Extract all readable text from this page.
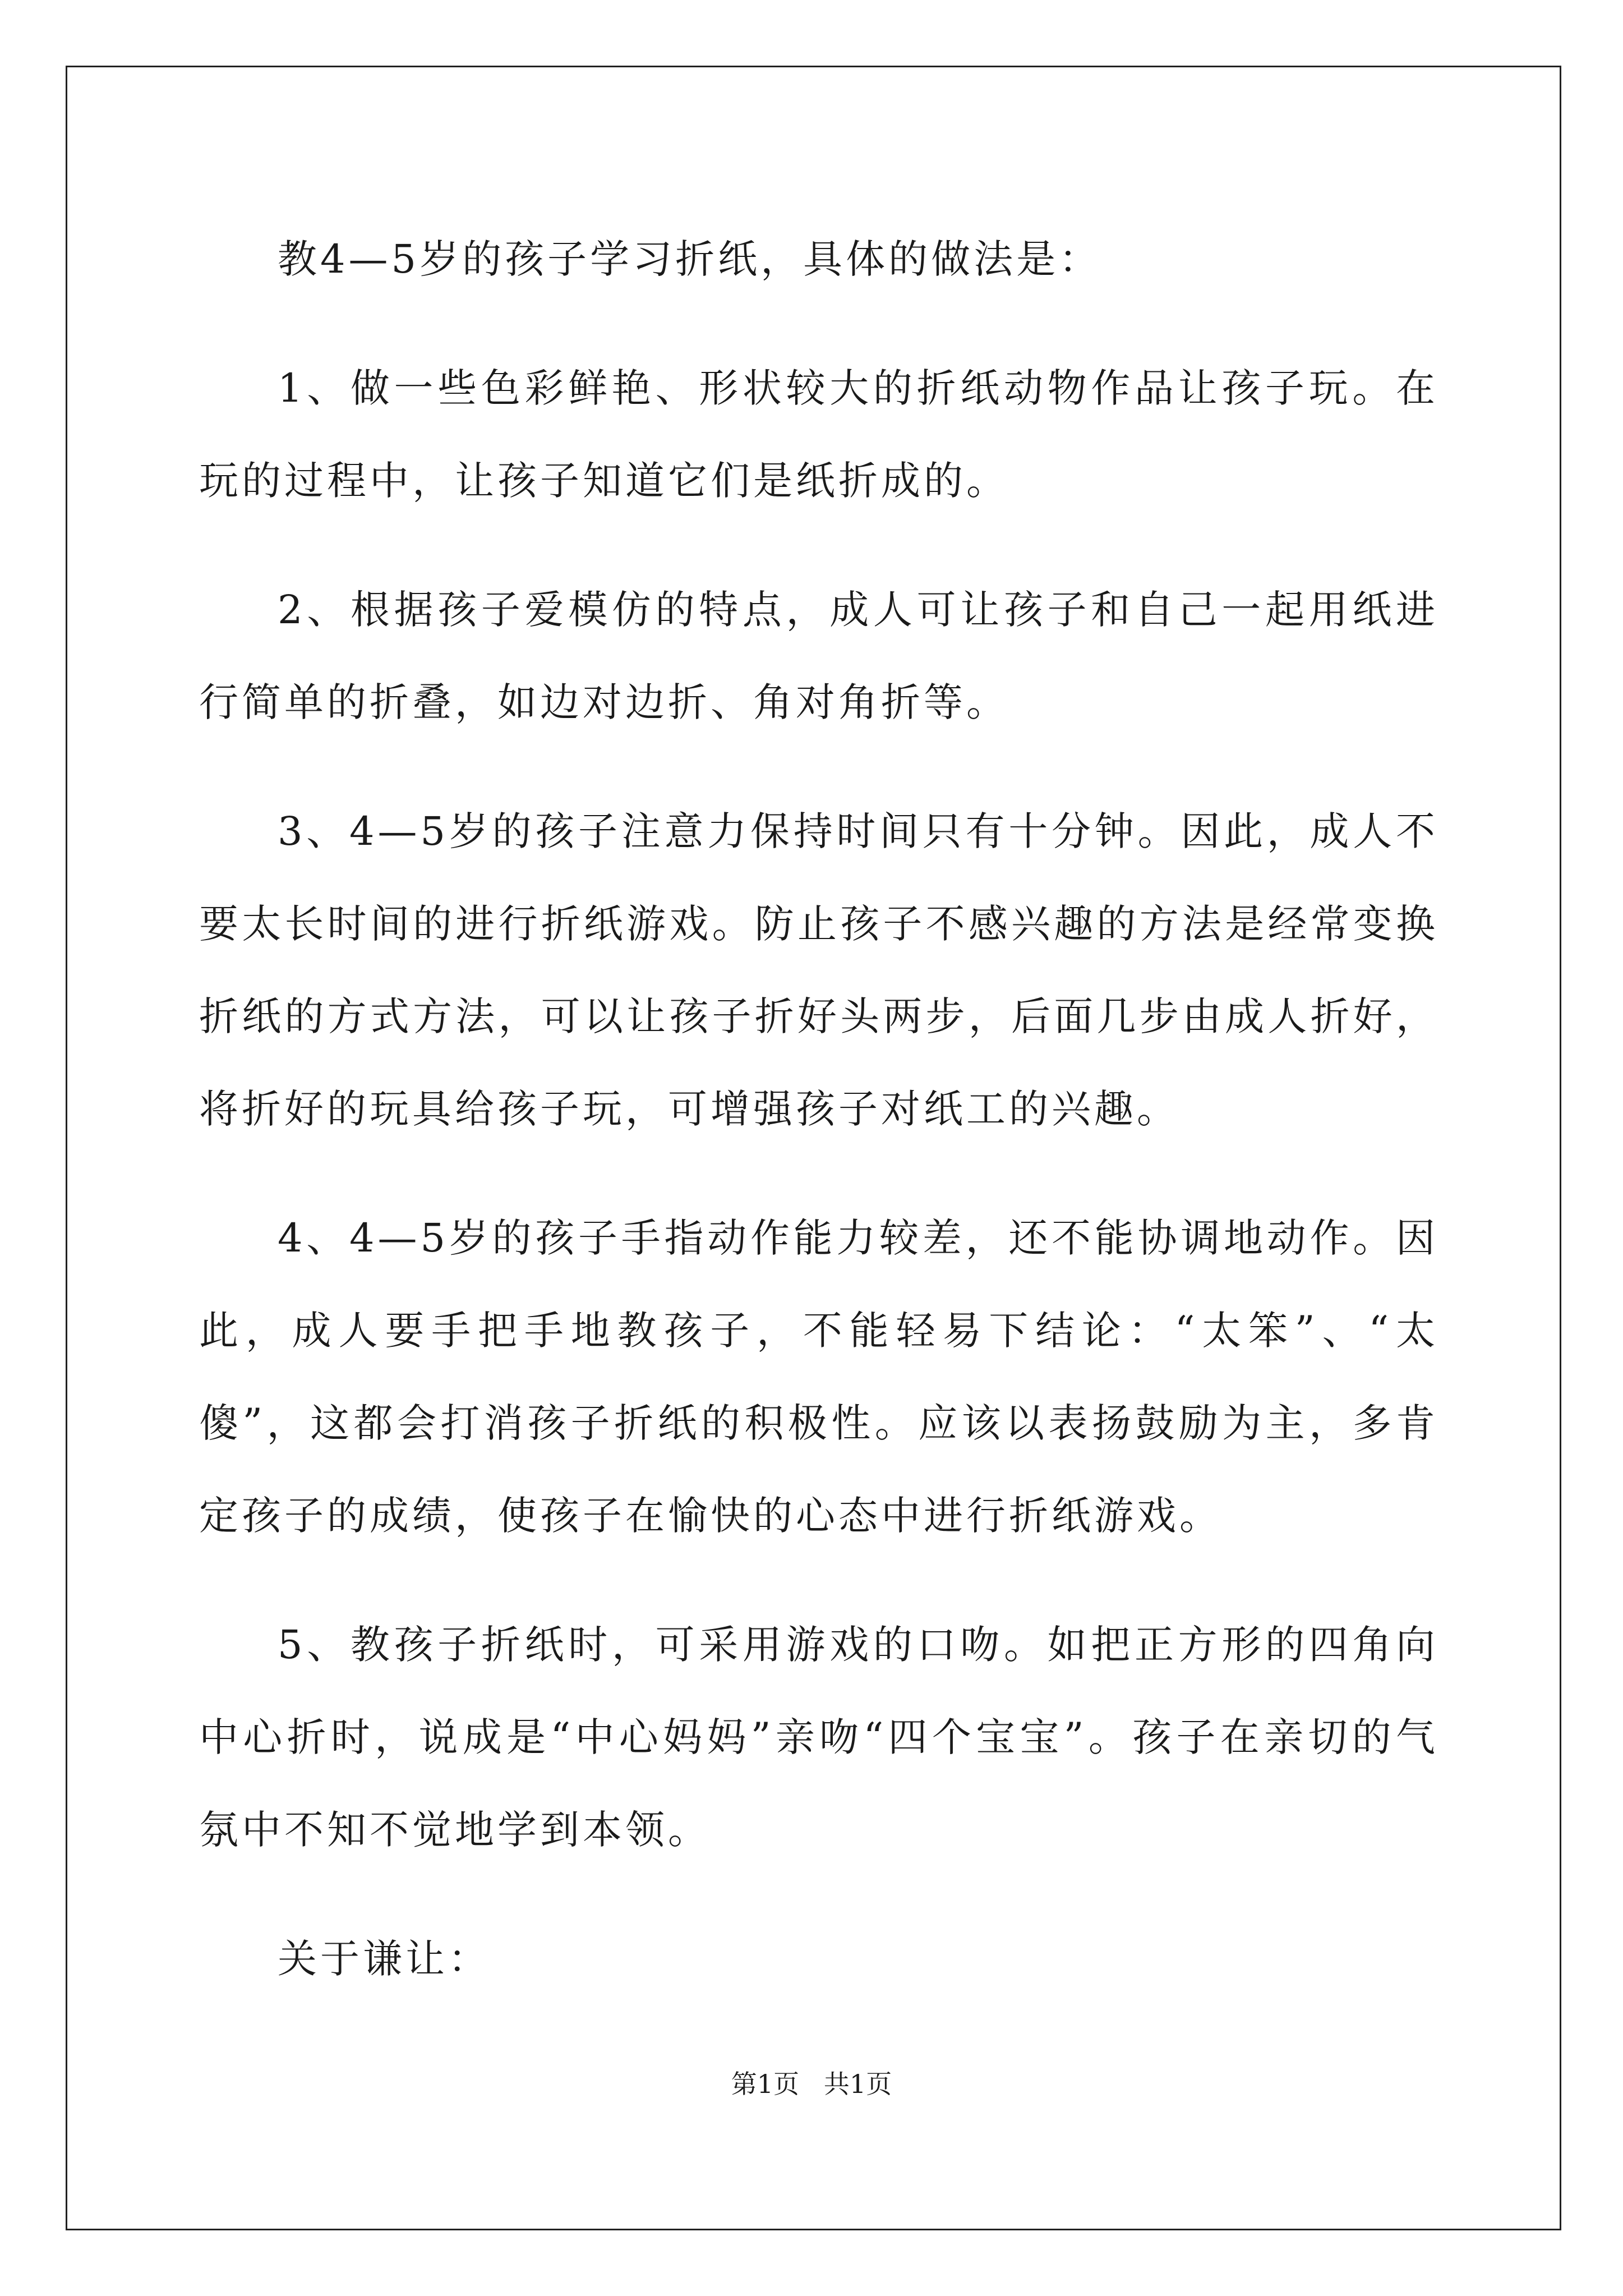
教4—5岁的孩子学习折纸，具体的做法是：

1、做一些色彩鲜艳、形状较大的折纸动物作品让孩子玩。在玩的过程中，让孩子知道它们是纸折成的。

2、根据孩子爱模仿的特点，成人可让孩子和自己一起用纸进行简单的折叠，如边对边折、角对角折等。

3、4—5岁的孩子注意力保持时间只有十分钟。因此，成人不要太长时间的进行折纸游戏。防止孩子不感兴趣的方法是经常变换折纸的方式方法，可以让孩子折好头两步，后面几步由成人折好，将折好的玩具给孩子玩，可增强孩子对纸工的兴趣。

4、4—5岁的孩子手指动作能力较差，还不能协调地动作。因此，成人要手把手地教孩子，不能轻易下结论：“太笨”、“太傻”，这都会打消孩子折纸的积极性。应该以表扬鼓励为主，多肯定孩子的成绩，使孩子在愉快的心态中进行折纸游戏。

5、教孩子折纸时，可采用游戏的口吻。如把正方形的四角向中心折时，说成是“中心妈妈”亲吻“四个宝宝”。孩子在亲切的气氛中不知不觉地学到本领。

关于谦让：

第1页   共1页
